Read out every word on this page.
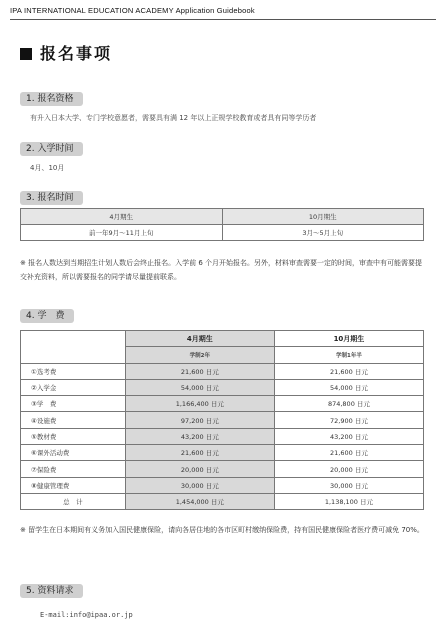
IPA INTERNATIONAL EDUCATION ACADEMY Application Guidebook
报名事项
1. 报名资格
有升入日本大学、专门学校意愿者，需要具有满 12 年以上正规学校教育或者具有同等学历者
2. 入学时间
4月、10月
3. 报名时间
4月期生	10月期生
前一年9月～11月上旬	3月～5月上旬
※ 报名人数达到当期招生计划人数后会终止报名。入学前 6 个月开始报名。另外，材料审查需要一定的时间，审查中有可能需要提交补充资料，所以需要报名的同学请尽量提前联系。
4. 学　费
	4月期生	10月期生
	学制2年	学制1年半
①选考费	21,600 日元	21,600 日元
②入学金	54,000 日元	54,000 日元
③学　费	1,166,400 日元	874,800 日元
④设施费	97,200 日元	72,900 日元
⑤教材费	43,200 日元	43,200 日元
⑥课外活动费	21,600 日元	21,600 日元
⑦保险费	20,000 日元	20,000 日元
⑧健康管理费	30,000 日元	30,000 日元
总　计	1,454,000 日元	1,138,100 日元
※ 留学生在日本期间有义务加入国民健康保险，请向各居住地的各市区町村缴纳保险费，持有国民健康保险者医疗费可减免 70%。
5. 资料请求
E-mail:info@ipaa.or.jp
